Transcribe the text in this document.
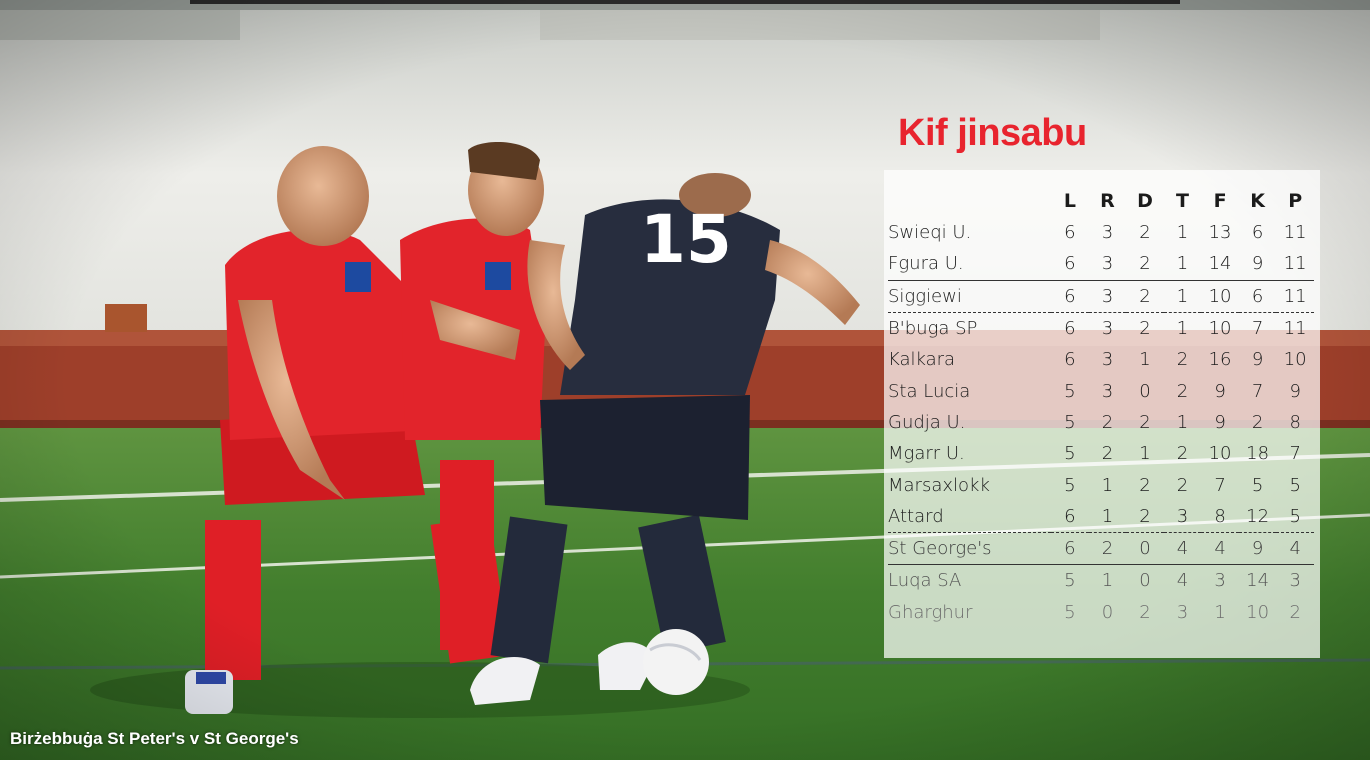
Kif jinsabu
	L	R	D	T	F	K	P
Swieqi U.	6	3	2	1	13	6	11
Fgura U.	6	3	2	1	14	9	11
Siggiewi	6	3	2	1	10	6	11
B'buga SP	6	3	2	1	10	7	11
Kalkara	6	3	1	2	16	9	10
Sta Lucia	5	3	0	2	9	7	9
Gudja U.	5	2	2	1	9	2	8
Mgarr U.	5	2	1	2	10	18	7
Marsaxlokk	5	1	2	2	7	5	5
Attard	6	1	2	3	8	12	5
St George's	6	2	0	4	4	9	4
Luqa SA	5	1	0	4	3	14	3
Gharghur	5	0	2	3	1	10	2

Birżebbuġa St Peter's v St George's
